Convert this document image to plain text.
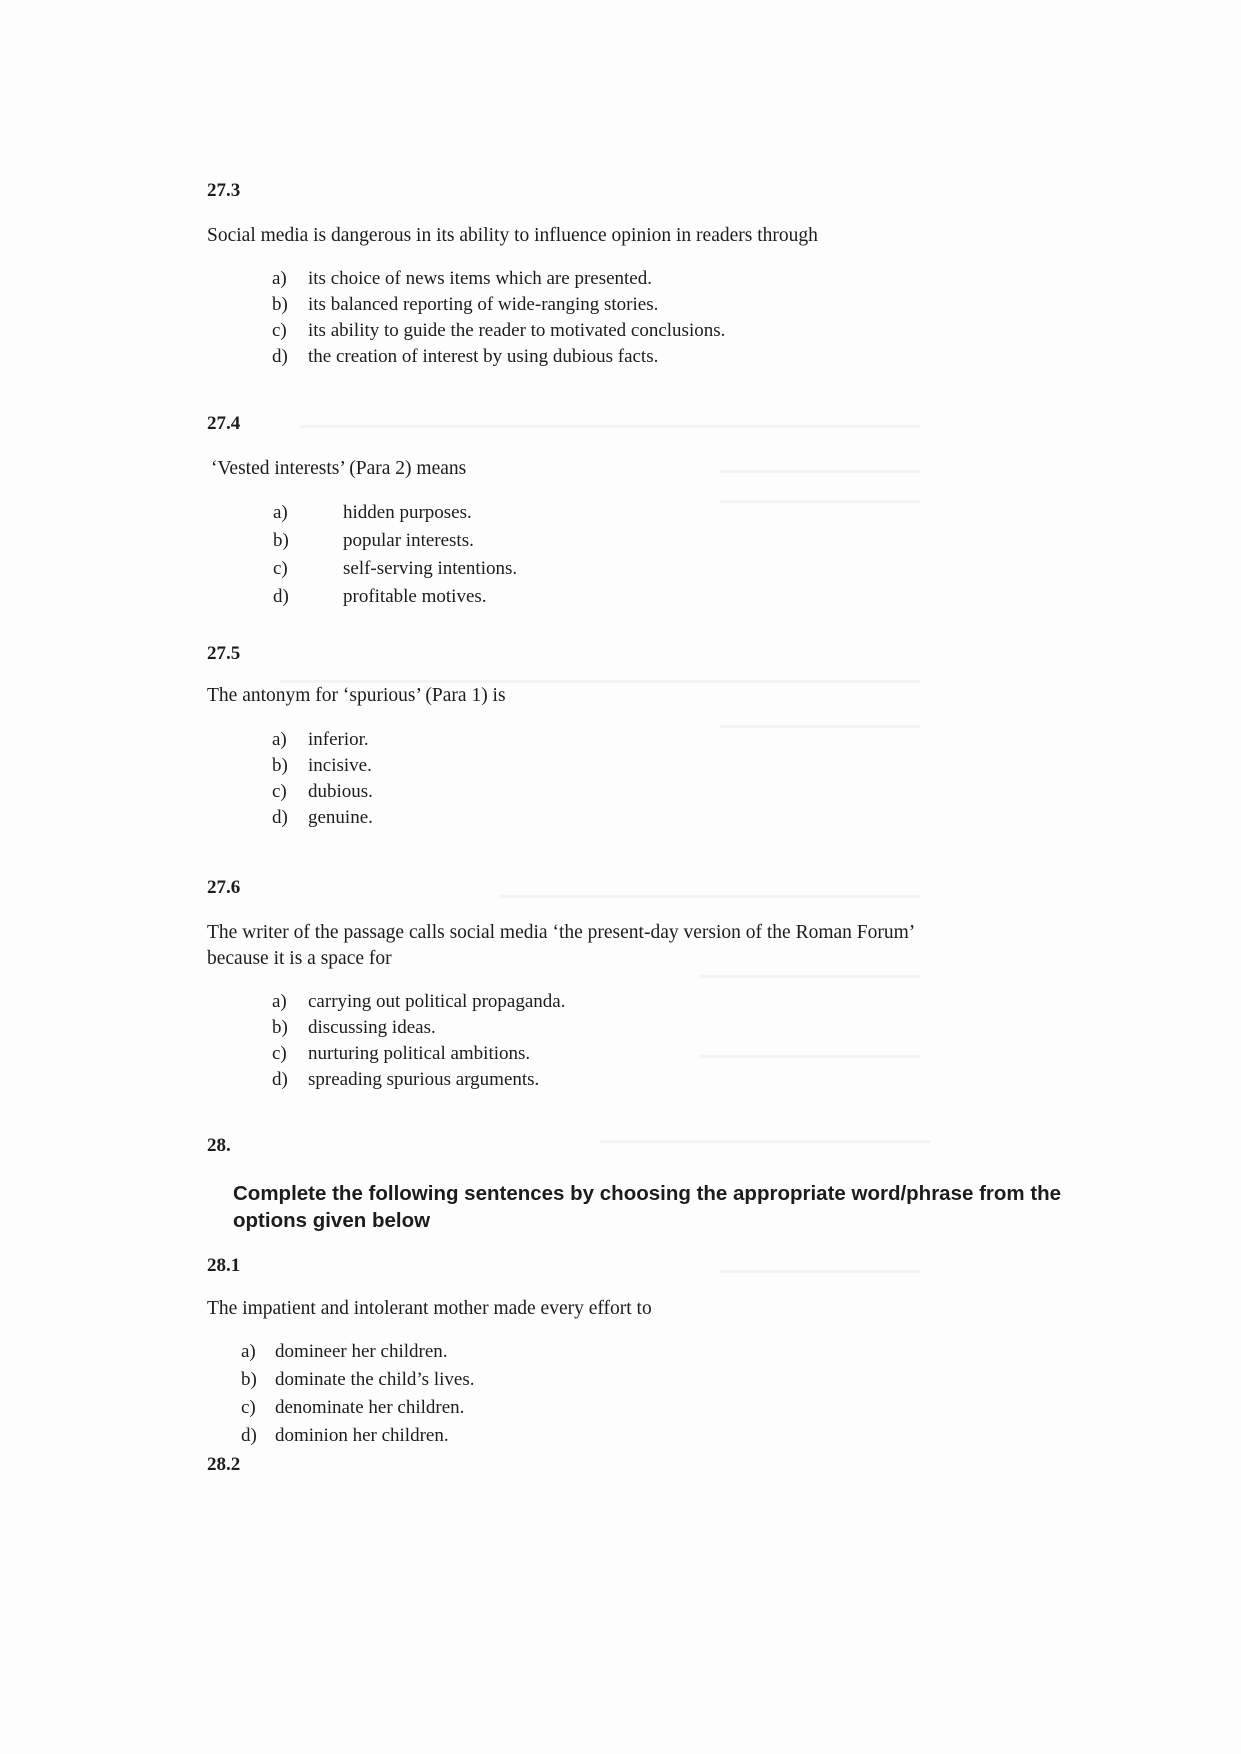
27.3
Social media is dangerous in its ability to influence opinion in readers through
a) its choice of news items which are presented.
b) its balanced reporting of wide-ranging stories.
c) its ability to guide the reader to motivated conclusions.
d) the creation of interest by using dubious facts.
27.4
‘Vested interests’ (Para 2) means
a)	hidden purposes.
b)	popular interests.
c)	self-serving intentions.
d)	profitable motives.
27.5
The antonym for ‘spurious’ (Para 1) is
a) inferior.
b) incisive.
c) dubious.
d) genuine.
27.6
The writer of the passage calls social media ‘the present-day version of the Roman Forum’
because it is a space for
a) carrying out political propaganda.
b) discussing ideas.
c) nurturing political ambitions.
d) spreading spurious arguments.
28.
Complete the following sentences by choosing the appropriate word/phrase from the options given below
28.1
The impatient and intolerant mother made every effort to
a) domineer her children.
b) dominate the child’s lives.
c) denominate her children.
d) dominion her children.
28.2
